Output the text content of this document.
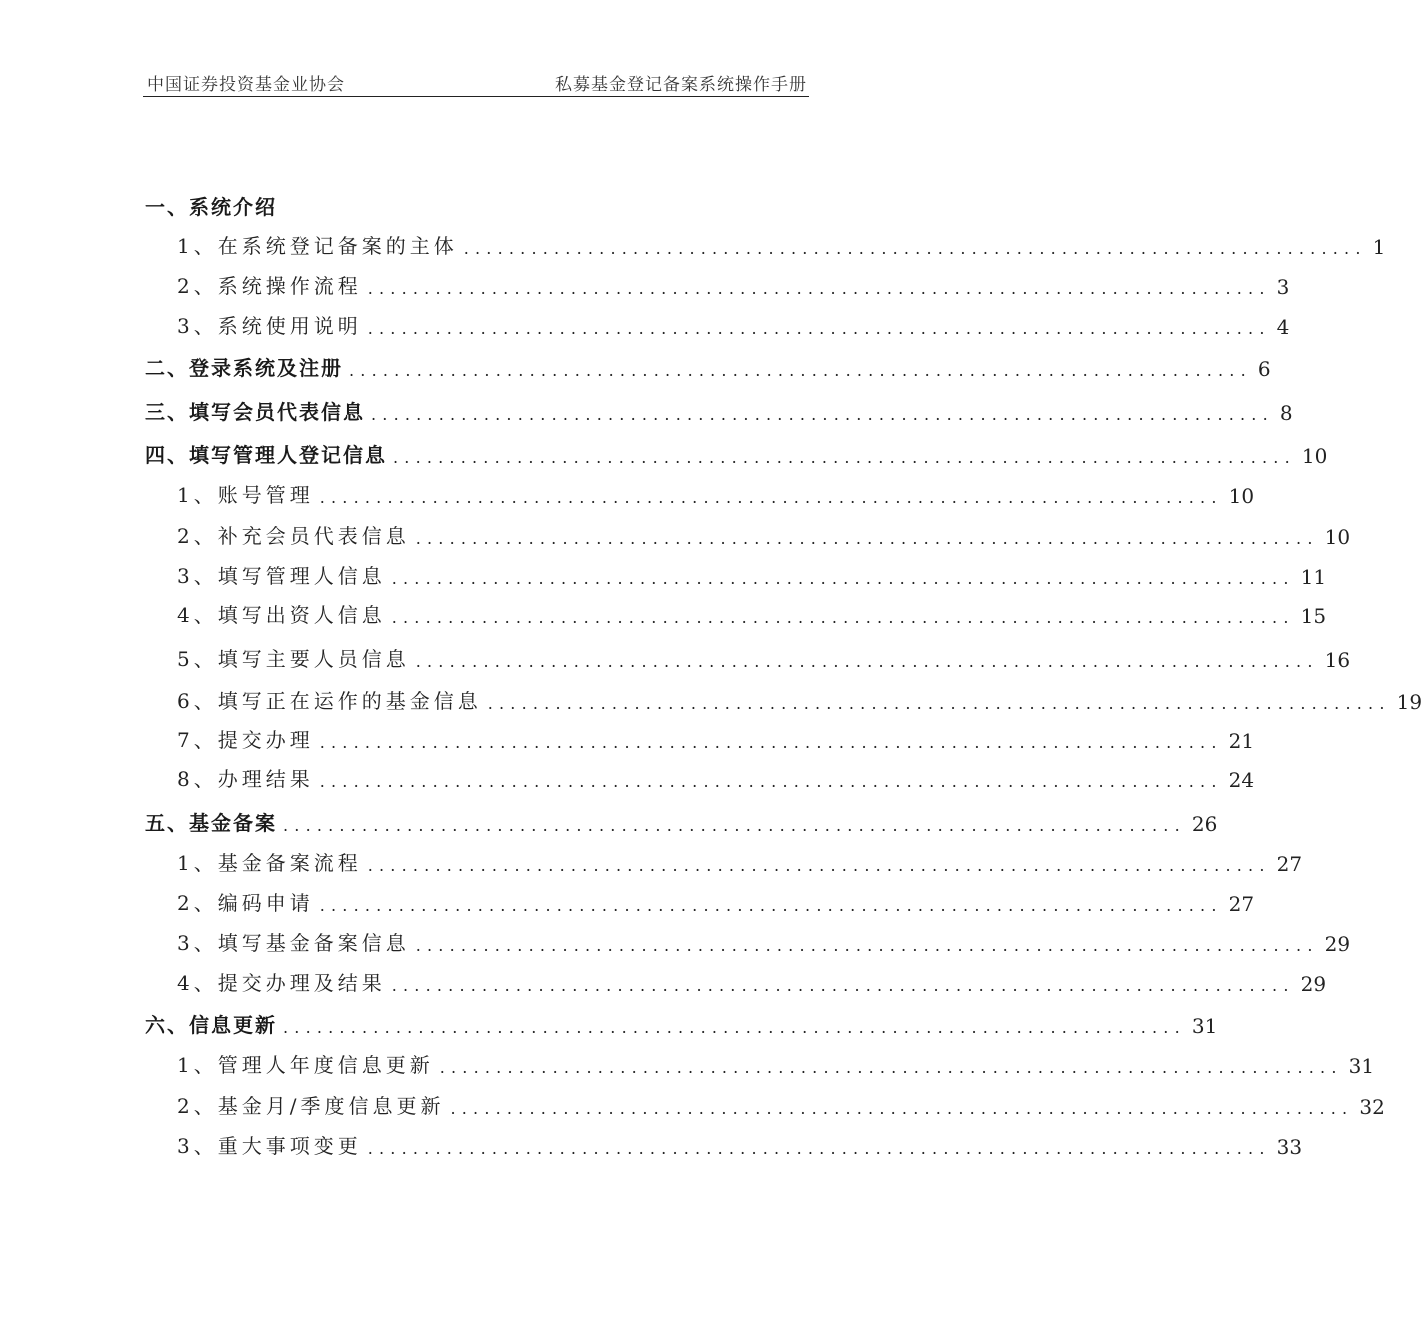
中国证券投资基金业协会	私募基金登记备案系统操作手册
一、系统介绍
1、在系统登记备案的主体 ................................................................................ 1
2、系统操作流程 ................................................................................ 3
3、系统使用说明 ................................................................................ 4
二、登录系统及注册 ................................................................................ 6
三、填写会员代表信息 ................................................................................ 8
四、填写管理人登记信息 ................................................................................ 10
1、账号管理 ................................................................................ 10
2、补充会员代表信息 ................................................................................ 10
3、填写管理人信息 ................................................................................ 11
4、填写出资人信息 ................................................................................ 15
5、填写主要人员信息 ................................................................................ 16
6、填写正在运作的基金信息 ................................................................................ 19
7、提交办理 ................................................................................ 21
8、办理结果 ................................................................................ 24
五、基金备案 ................................................................................ 26
1、基金备案流程 ................................................................................ 27
2、编码申请 ................................................................................ 27
3、填写基金备案信息 ................................................................................ 29
4、提交办理及结果 ................................................................................ 29
六、信息更新 ................................................................................ 31
1、管理人年度信息更新 ................................................................................ 31
2、基金月/季度信息更新 ................................................................................ 32
3、重大事项变更 ................................................................................ 33
